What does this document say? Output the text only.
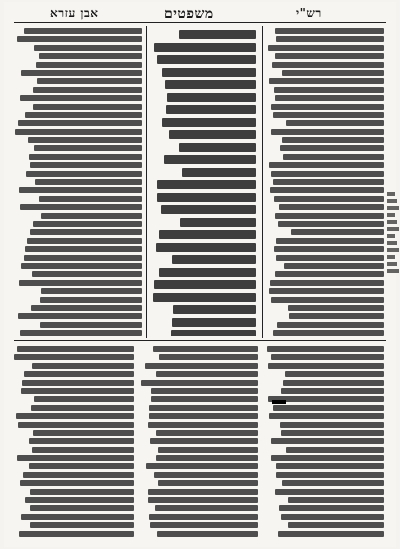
אבן עזרא	משפטים	רש"י
